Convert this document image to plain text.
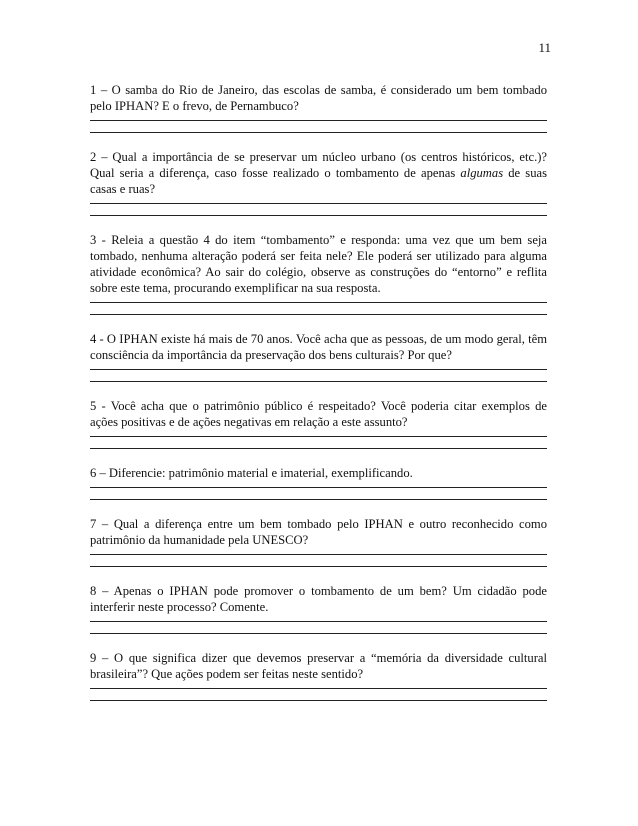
11

1 – O samba do Rio de Janeiro, das escolas de samba, é considerado um bem tombado pelo IPHAN? E o frevo, de Pernambuco?

2 – Qual a importância de se preservar um núcleo urbano (os centros históricos, etc.)? Qual seria a diferença, caso fosse realizado o tombamento de apenas algumas de suas casas e ruas?

3 - Releia a questão 4 do item “tombamento” e responda: uma vez que um bem seja tombado, nenhuma alteração poderá ser feita nele? Ele poderá ser utilizado para alguma atividade econômica? Ao sair do colégio, observe as construções do “entorno” e reflita sobre este tema, procurando exemplificar na sua resposta.

4 - O IPHAN existe há mais de 70 anos. Você acha que as pessoas, de um modo geral, têm consciência da importância da preservação dos bens culturais? Por que?

5 - Você acha que o patrimônio público é respeitado? Você poderia citar exemplos de ações positivas e de ações negativas em relação a este assunto?

6 – Diferencie: patrimônio material e imaterial, exemplificando.

7 – Qual a diferença entre um bem tombado pelo IPHAN e outro reconhecido como patrimônio da humanidade pela UNESCO?

8 – Apenas o IPHAN pode promover o tombamento de um bem? Um cidadão pode interferir neste processo? Comente.

9 – O que significa dizer que devemos preservar a “memória da diversidade cultural brasileira”? Que ações podem ser feitas neste sentido?
